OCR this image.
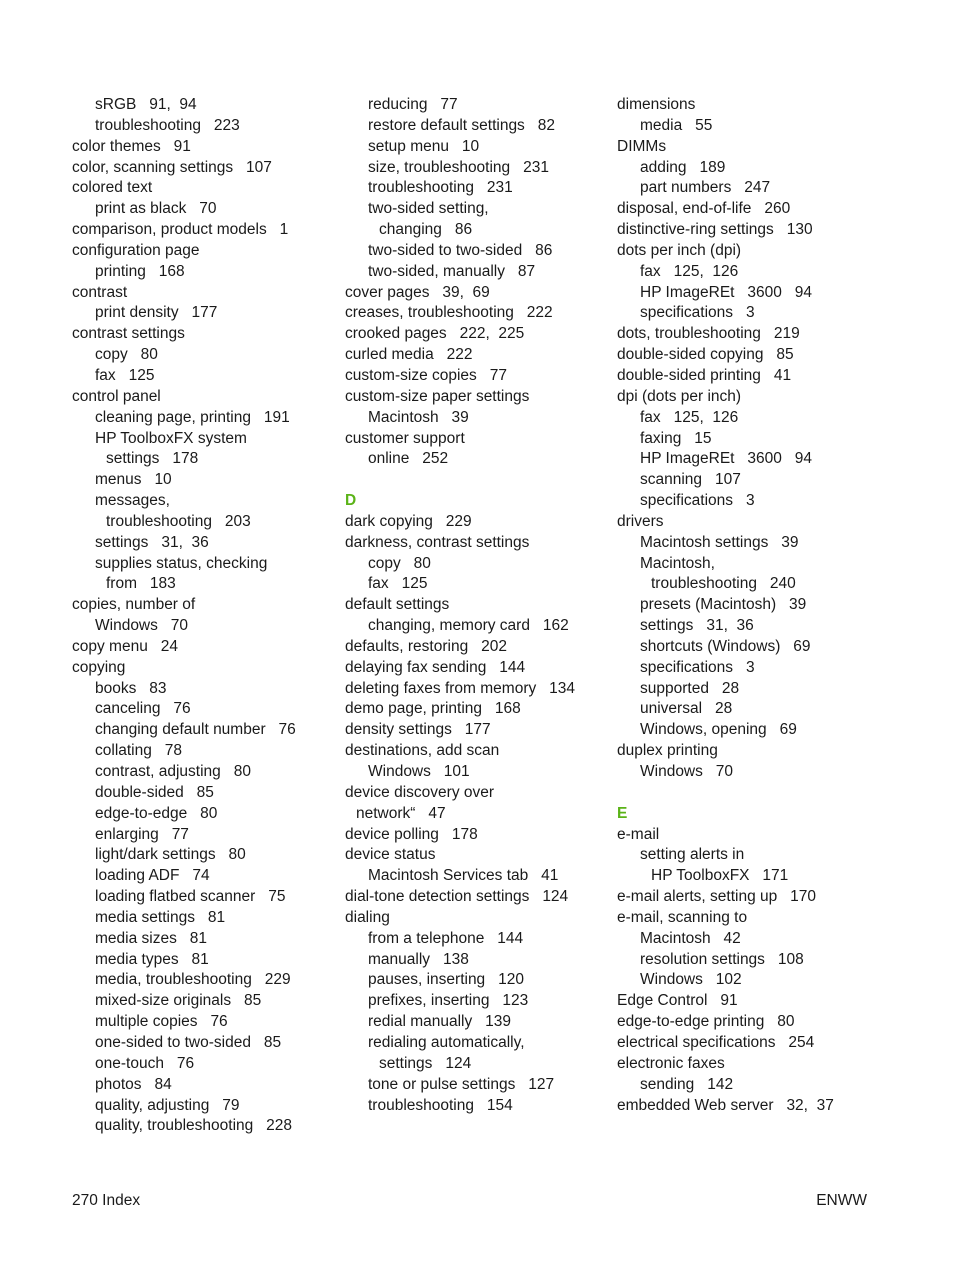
sRGB   91,  94
troubleshooting   223
color themes   91
color, scanning settings   107
colored text
print as black   70
comparison, product models   1
configuration page
printing   168
contrast
print density   177
contrast settings
copy   80
fax   125
control panel
cleaning page, printing   191
HP ToolboxFX system
settings   178
menus   10
messages,
troubleshooting   203
settings   31,  36
supplies status, checking
from   183
copies, number of
Windows   70
copy menu   24
copying
books   83
canceling   76
changing default number   76
collating   78
contrast, adjusting   80
double-sided   85
edge-to-edge   80
enlarging   77
light/dark settings   80
loading ADF   74
loading flatbed scanner   75
media settings   81
media sizes   81
media types   81
media, troubleshooting   229
mixed-size originals   85
multiple copies   76
one-sided to two-sided   85
one-touch   76
photos   84
quality, adjusting   79
quality, troubleshooting   228
reducing   77
restore default settings   82
setup menu   10
size, troubleshooting   231
troubleshooting   231
two-sided setting,
changing   86
two-sided to two-sided   86
two-sided, manually   87
cover pages   39,  69
creases, troubleshooting   222
crooked pages   222,  225
curled media   222
custom-size copies   77
custom-size paper settings
Macintosh   39
customer support
online   252
D
dark copying   229
darkness, contrast settings
copy   80
fax   125
default settings
changing, memory card   162
defaults, restoring   202
delaying fax sending   144
deleting faxes from memory   134
demo page, printing   168
density settings   177
destinations, add scan
Windows   101
device discovery over
network“   47
device polling   178
device status
Macintosh Services tab   41
dial-tone detection settings   124
dialing
from a telephone   144
manually   138
pauses, inserting   120
prefixes, inserting   123
redial manually   139
redialing automatically,
settings   124
tone or pulse settings   127
troubleshooting   154
dimensions
media   55
DIMMs
adding   189
part numbers   247
disposal, end-of-life   260
distinctive-ring settings   130
dots per inch (dpi)
fax   125,  126
HP ImageREt   3600   94
specifications   3
dots, troubleshooting   219
double-sided copying   85
double-sided printing   41
dpi (dots per inch)
fax   125,  126
faxing   15
HP ImageREt   3600   94
scanning   107
specifications   3
drivers
Macintosh settings   39
Macintosh,
troubleshooting   240
presets (Macintosh)   39
settings   31,  36
shortcuts (Windows)   69
specifications   3
supported   28
universal   28
Windows, opening   69
duplex printing
Windows   70
E
e-mail
setting alerts in
HP ToolboxFX   171
e-mail alerts, setting up   170
e-mail, scanning to
Macintosh   42
resolution settings   108
Windows   102
Edge Control   91
edge-to-edge printing   80
electrical specifications   254
electronic faxes
sending   142
embedded Web server   32,  37
270 Index	ENWW
